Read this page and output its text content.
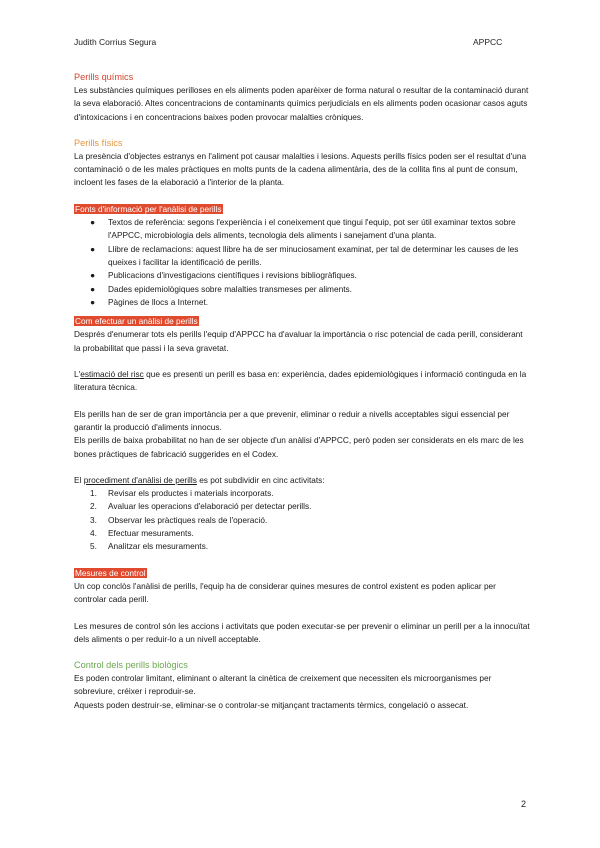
Judith Corrius Segura	APPCC
Perills químics

Les substàncies químiques perilloses en els aliments poden aparèixer de forma natural o resultar de la contaminació durant la seva elaboració. Altes concentracions de contaminants químics perjudicials en els aliments poden ocasionar casos aguts d'intoxicacions i en concentracions baixes poden provocar malalties cròniques.

Perills físics

La presència d'objectes estranys en l'aliment pot causar malalties i lesions. Aquests perills físics poden ser el resultat d'una contaminació o de les males pràctiques en molts punts de la cadena alimentària, des de la collita fins al punt de consum, incloent les fases de la elaboració a l'interior de la planta.

Fonts d'informació per l'anàlisi de perills

● Textos de referència: segons l'experiència i el coneixement que tingui l'equip, pot ser útil examinar textos sobre l'APPCC, microbiologia dels aliments, tecnologia dels aliments i sanejament d'una planta.
● Llibre de reclamacions: aquest llibre ha de ser minuciosament examinat, per tal de determinar les causes de les queixes i facilitar la identificació de perills.
● Publicacions d'investigacions científiques i revisions bibliogràfiques.
● Dades epidemiològiques sobre malalties transmeses per aliments.
● Pàgines de llocs a Internet.

Com efectuar un anàlisi de perills

Després d'enumerar tots els perills l'equip d'APPCC ha d'avaluar la importància o risc potencial de cada perill, considerant la probabilitat que passi i la seva gravetat.

L'estimació del risc que es presenti un perill es basa en: experiència, dades epidemiològiques i informació continguda en la literatura tècnica.

Els perills han de ser de gran importància per a que prevenir, eliminar o reduir a nivells acceptables sigui essencial per garantir la producció d'aliments innocus.

Els perills de baixa probabilitat no han de ser objecte d'un anàlisi d'APPCC, però poden ser considerats en els marc de les bones pràctiques de fabricació suggerides en el Codex.

El procediment d'anàlisi de perills es pot subdividir en cinc activitats:

1. Revisar els productes i materials incorporats.
2. Avaluar les operacions d'elaboració per detectar perills.
3. Observar les pràctiques reals de l'operació.
4. Efectuar mesuraments.
5. Analitzar els mesuraments.

Mesures de control

Un cop conclòs l'anàlisi de perills, l'equip ha de considerar quines mesures de control existent es poden aplicar per controlar cada perill.

Les mesures de control són les accions i activitats que poden executar-se per prevenir o eliminar un perill per a la innocuïtat dels aliments o per reduir-lo a un nivell acceptable.

Control dels perills biològics

Es poden controlar limitant, eliminant o alterant la cinètica de creixement que necessiten els microorganismes per sobreviure, créixer i reproduir-se.

Aquests poden destruir-se, eliminar-se o controlar-se mitjançant tractaments tèrmics, congelació o assecat.

2
